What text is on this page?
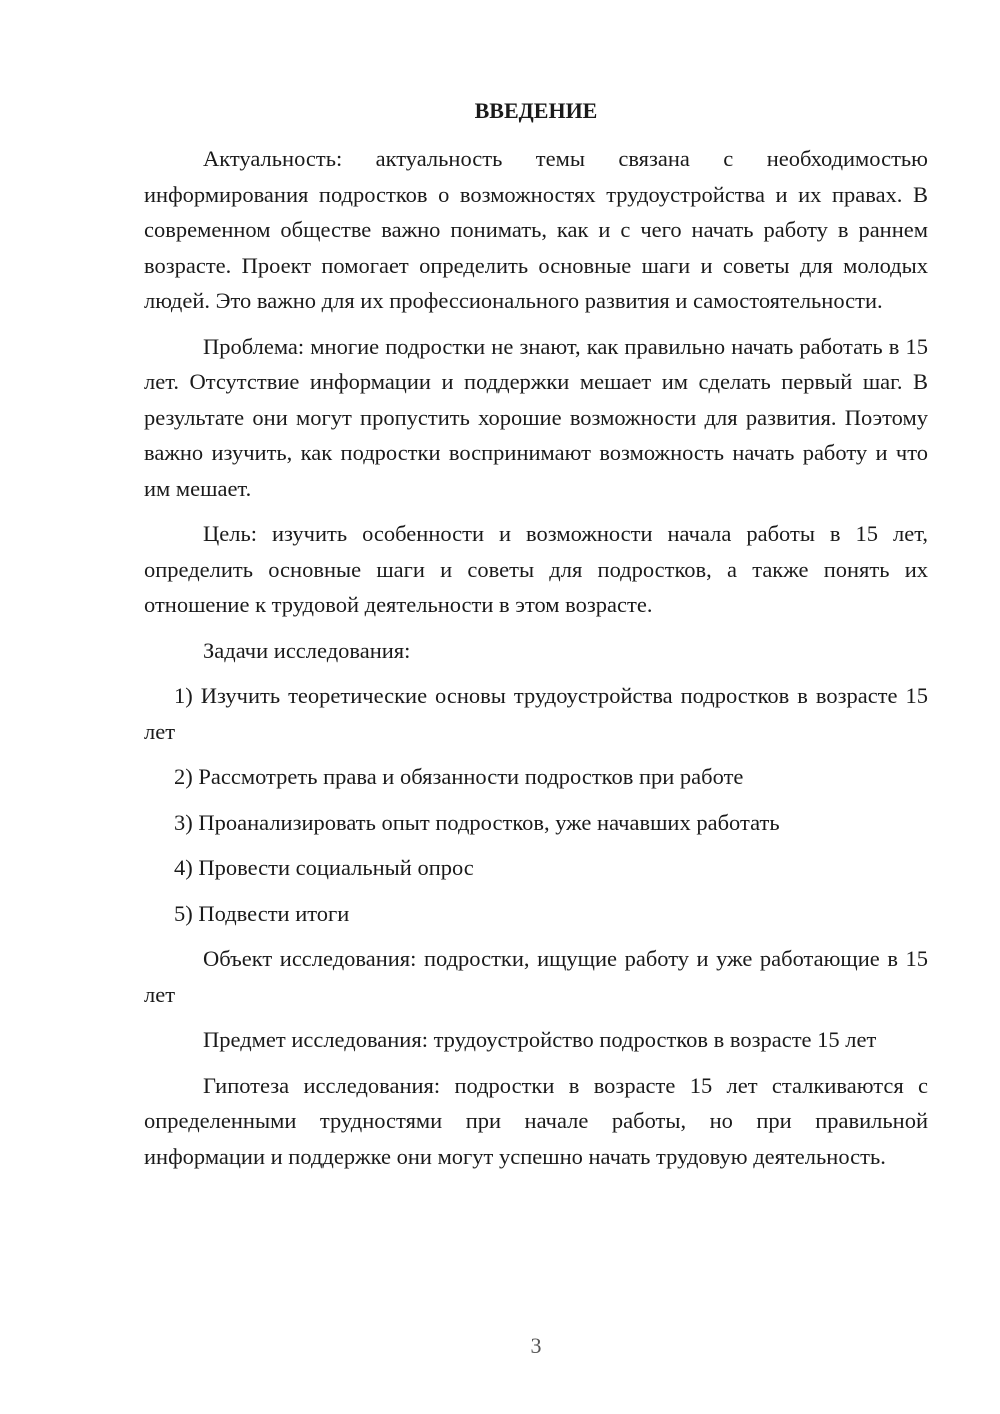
ВВЕДЕНИЕ

Актуальность: актуальность темы связана с необходимостью информирования подростков о возможностях трудоустройства и их правах. В современном обществе важно понимать, как и с чего начать работу в раннем возрасте. Проект помогает определить основные шаги и советы для молодых людей. Это важно для их профессионального развития и самостоятельности.

Проблема: многие подростки не знают, как правильно начать работать в 15 лет. Отсутствие информации и поддержки мешает им сделать первый шаг. В результате они могут пропустить хорошие возможности для развития. Поэтому важно изучить, как подростки воспринимают возможность начать работу и что им мешает.

Цель: изучить особенности и возможности начала работы в 15 лет, определить основные шаги и советы для подростков, а также понять их отношение к трудовой деятельности в этом возрасте.

Задачи исследования:

1) Изучить теоретические основы трудоустройства подростков в возрасте 15 лет

2) Рассмотреть права и обязанности подростков при работе

3) Проанализировать опыт подростков, уже начавших работать

4) Провести социальный опрос

5) Подвести итоги

Объект исследования: подростки, ищущие работу и уже работающие в 15 лет

Предмет исследования: трудоустройство подростков в возрасте 15 лет

Гипотеза исследования: подростки в возрасте 15 лет сталкиваются с определенными трудностями при начале работы, но при правильной информации и поддержке они могут успешно начать трудовую деятельность.

3
